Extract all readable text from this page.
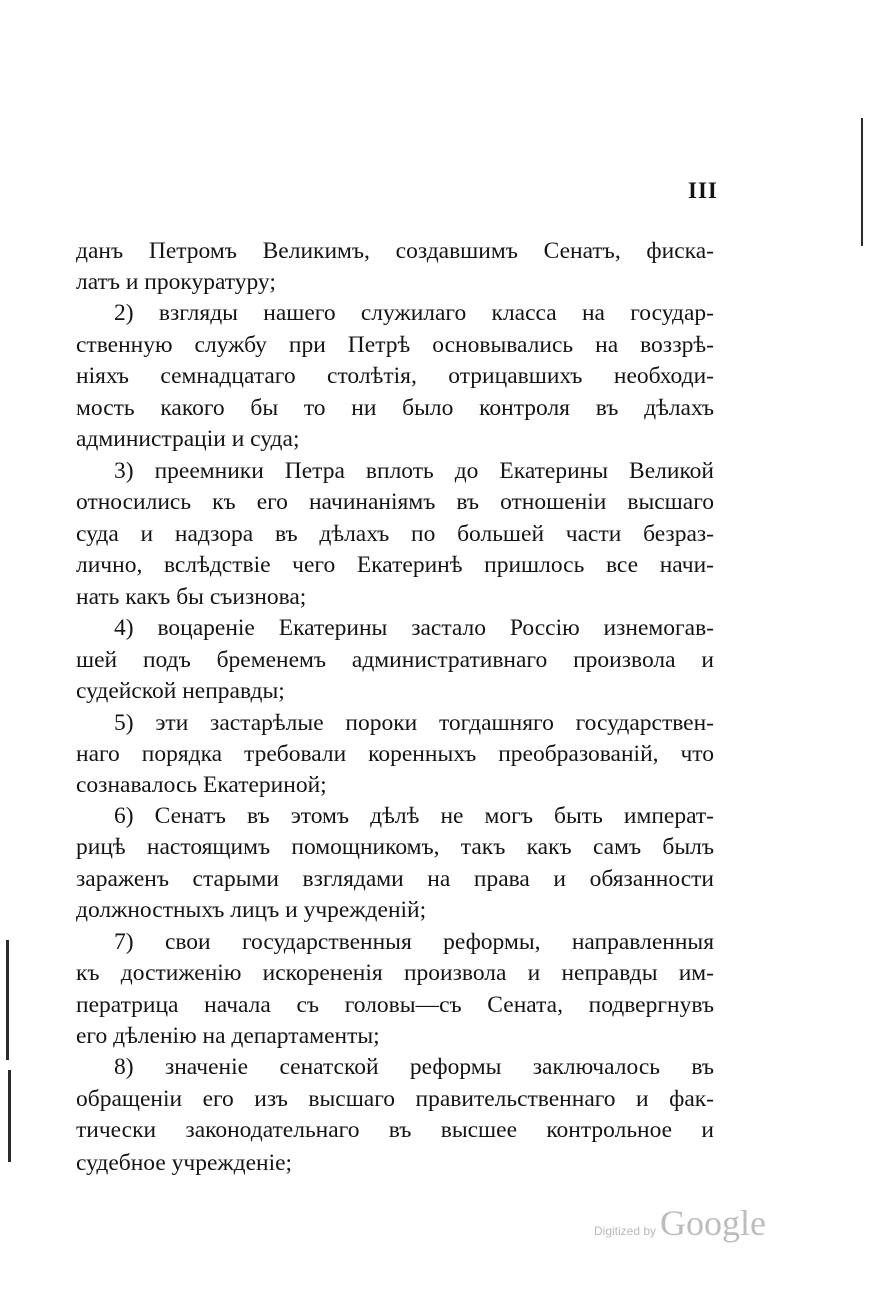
III
данъ Петромъ Великимъ, создавшимъ Сенатъ, фиска-
латъ и прокуратуру;
2) взгляды нашего служилаго класса на государ-
ственную службу при Петрѣ основывались на воззрѣ-
ніяхъ семнадцатаго столѣтія, отрицавшихъ необходи-
мость какого бы то ни было контроля въ дѣлахъ
администраціи и суда;
3) преемники Петра вплоть до Екатерины Великой
относились къ его начинаніямъ въ отношеніи высшаго
суда и надзора въ дѣлахъ по большей части безраз-
лично, вслѣдствіе чего Екатеринѣ пришлось все начи-
нать какъ бы съизнова;
4) воцареніе Екатерины застало Россію изнемогав-
шей подъ бременемъ административнаго произвола и
судейской неправды;
5) эти застарѣлые пороки тогдашняго государствен-
наго порядка требовали коренныхъ преобразованій, что
сознавалось Екатериной;
6) Сенатъ въ этомъ дѣлѣ не могъ быть императ-
рицѣ настоящимъ помощникомъ, такъ какъ самъ былъ
зараженъ старыми взглядами на права и обязанности
должностныхъ лицъ и учрежденій;
7) свои государственныя реформы, направленныя
къ достиженію искорененія произвола и неправды им-
ператрица начала съ головы—съ Сената, подвергнувъ
его дѣленію на департаменты;
8) значеніе сенатской реформы заключалось въ
обращеніи его изъ высшаго правительственнаго и фак-
тически законодательнаго въ высшее контрольное и
судебное учрежденіе;
Digitized by Google
